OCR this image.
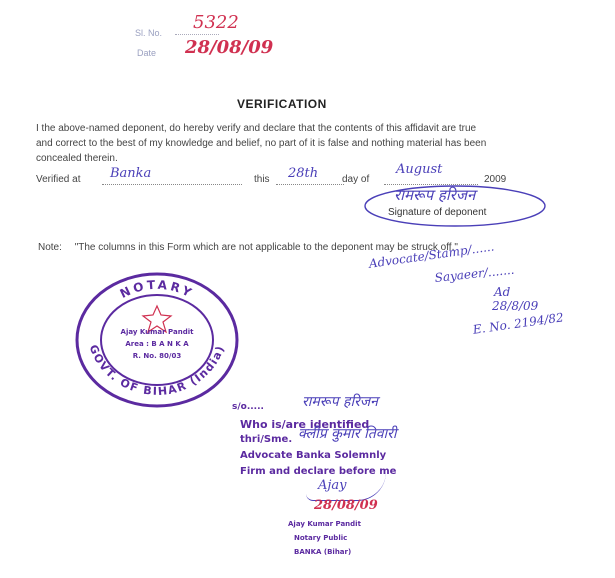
Sl. No. 5322
Date 28/08/09
VERIFICATION
I the above-named deponent, do hereby verify and declare that the contents of this affidavit are true
and correct to the best of my knowledge and belief, no part of it is false and nothing material has been
concealed therein.
Verified at Banka	this 28th day of
August
2009
रामरूप हरिजन
Signature of deponent
Note: "The columns in this Form which are not applicable to the deponent may be struck off."
Advocate/Stamp/......
Sayaeer/.......
Ad
28/8/09
E. No. 2194/82
NOTARY
GOVT. OF BIHAR (India)
Ajay Kumar Pandit
Area : B A N K A
R. No. 80/03
s/o.....	रामरूप हरिजन
Who is/are identified
thri/Sme. क्लीप्र कुमार तिवारी
Advocate Banka Solemnly
Firm and declare before me
Ajay
28/08/09
Ajay Kumar Pandit
Notary Public
BANKA (Bihar)
